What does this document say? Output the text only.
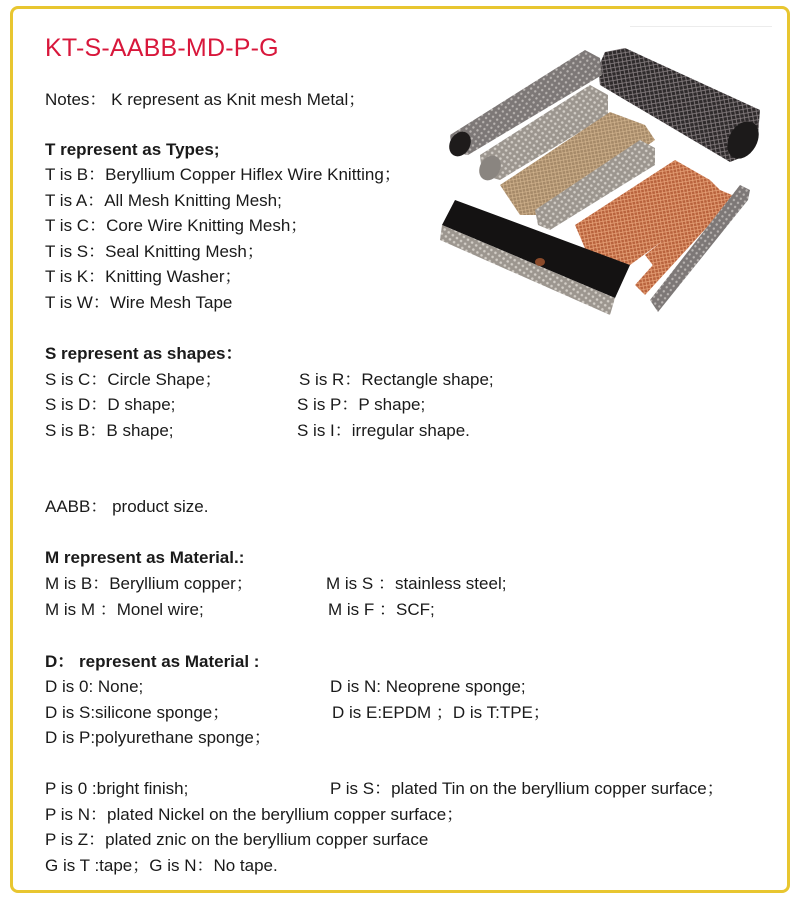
KT-S-AABB-MD-P-G
Notes： K represent as Knit mesh Metal；
T represent as Types;
T is B：Beryllium Copper Hiflex Wire Knitting；
T is A：All Mesh Knitting Mesh;
T is C：Core Wire Knitting Mesh；
T is S：Seal Knitting Mesh；
T is K：Knitting Washer；
T is W：Wire Mesh Tape
S represent as shapes：
S is C：Circle Shape；
S is D：D shape;
S is B：B shape;
S is R：Rectangle shape;
S is P：P shape;
S is I：irregular shape.
AABB： product size.
M represent as Material.:
M is B：Beryllium copper；
M is M ：Monel wire;
M is S ：stainless steel;
M is F ：SCF;
D： represent as Material :
D is 0: None;
D is S:silicone sponge；
D is P:polyurethane sponge；
D is N: Neoprene sponge;
D is E:EPDM ；D is T:TPE；
P is 0 :bright finish;	P is S：plated Tin on the beryllium copper surface；
P is N：plated Nickel on the beryllium copper surface；
P is Z：plated znic on the beryllium copper surface
G is T :tape；G is N：No tape.
